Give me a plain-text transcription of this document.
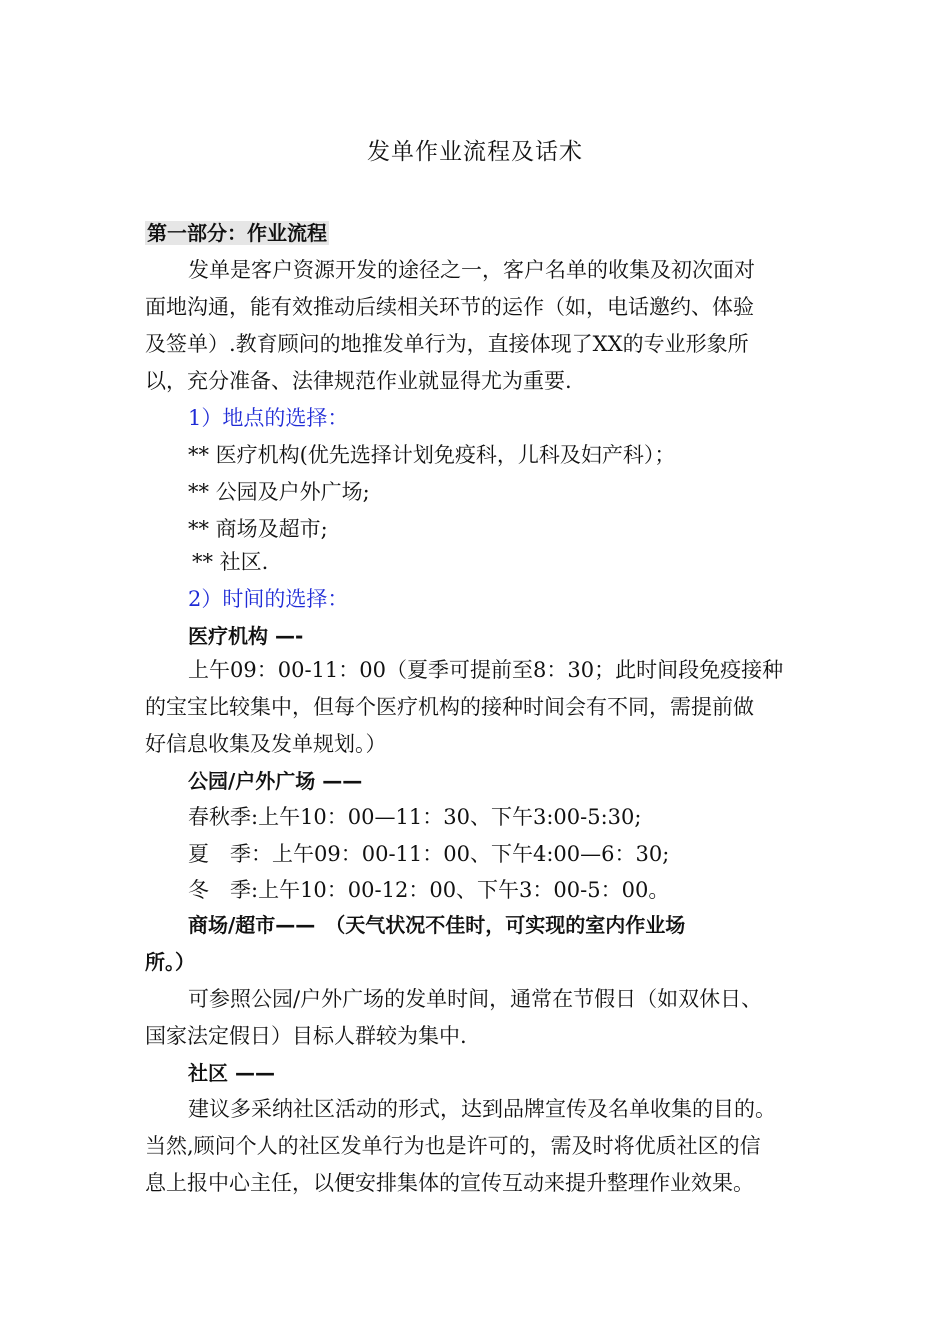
发单作业流程及话术
第一部分：作业流程
发单是客户资源开发的途径之一，客户名单的收集及初次面对
面地沟通，能有效推动后续相关环节的运作（如，电话邀约、体验
及签单）.教育顾问的地推发单行为，直接体现了XX的专业形象所
以，充分准备、法律规范作业就显得尤为重要.
1）地点的选择：
** 医疗机构(优先选择计划免疫科，儿科及妇产科）；
** 公园及户外广场;
** 商场及超市;
** 社区.
2）时间的选择：
医疗机构 —-
上午09：00-11：00（夏季可提前至8：30；此时间段免疫接种
的宝宝比较集中，但每个医疗机构的接种时间会有不同，需提前做
好信息收集及发单规划。）
公园/户外广场 ——
春秋季:上午10：00—11：30、下午3:00-5:30;
夏　季：上午09：00-11：00、下午4:00—6：30;
冬　季:上午10：00-12：00、下午3：00-5：00。
商场/超市——　（天气状况不佳时，可实现的室内作业场
所。）
可参照公园/户外广场的发单时间，通常在节假日（如双休日、
国家法定假日）目标人群较为集中.
社区 ——
建议多采纳社区活动的形式，达到品牌宣传及名单收集的目的。
当然,顾问个人的社区发单行为也是许可的，需及时将优质社区的信
息上报中心主任，以便安排集体的宣传互动来提升整理作业效果。
